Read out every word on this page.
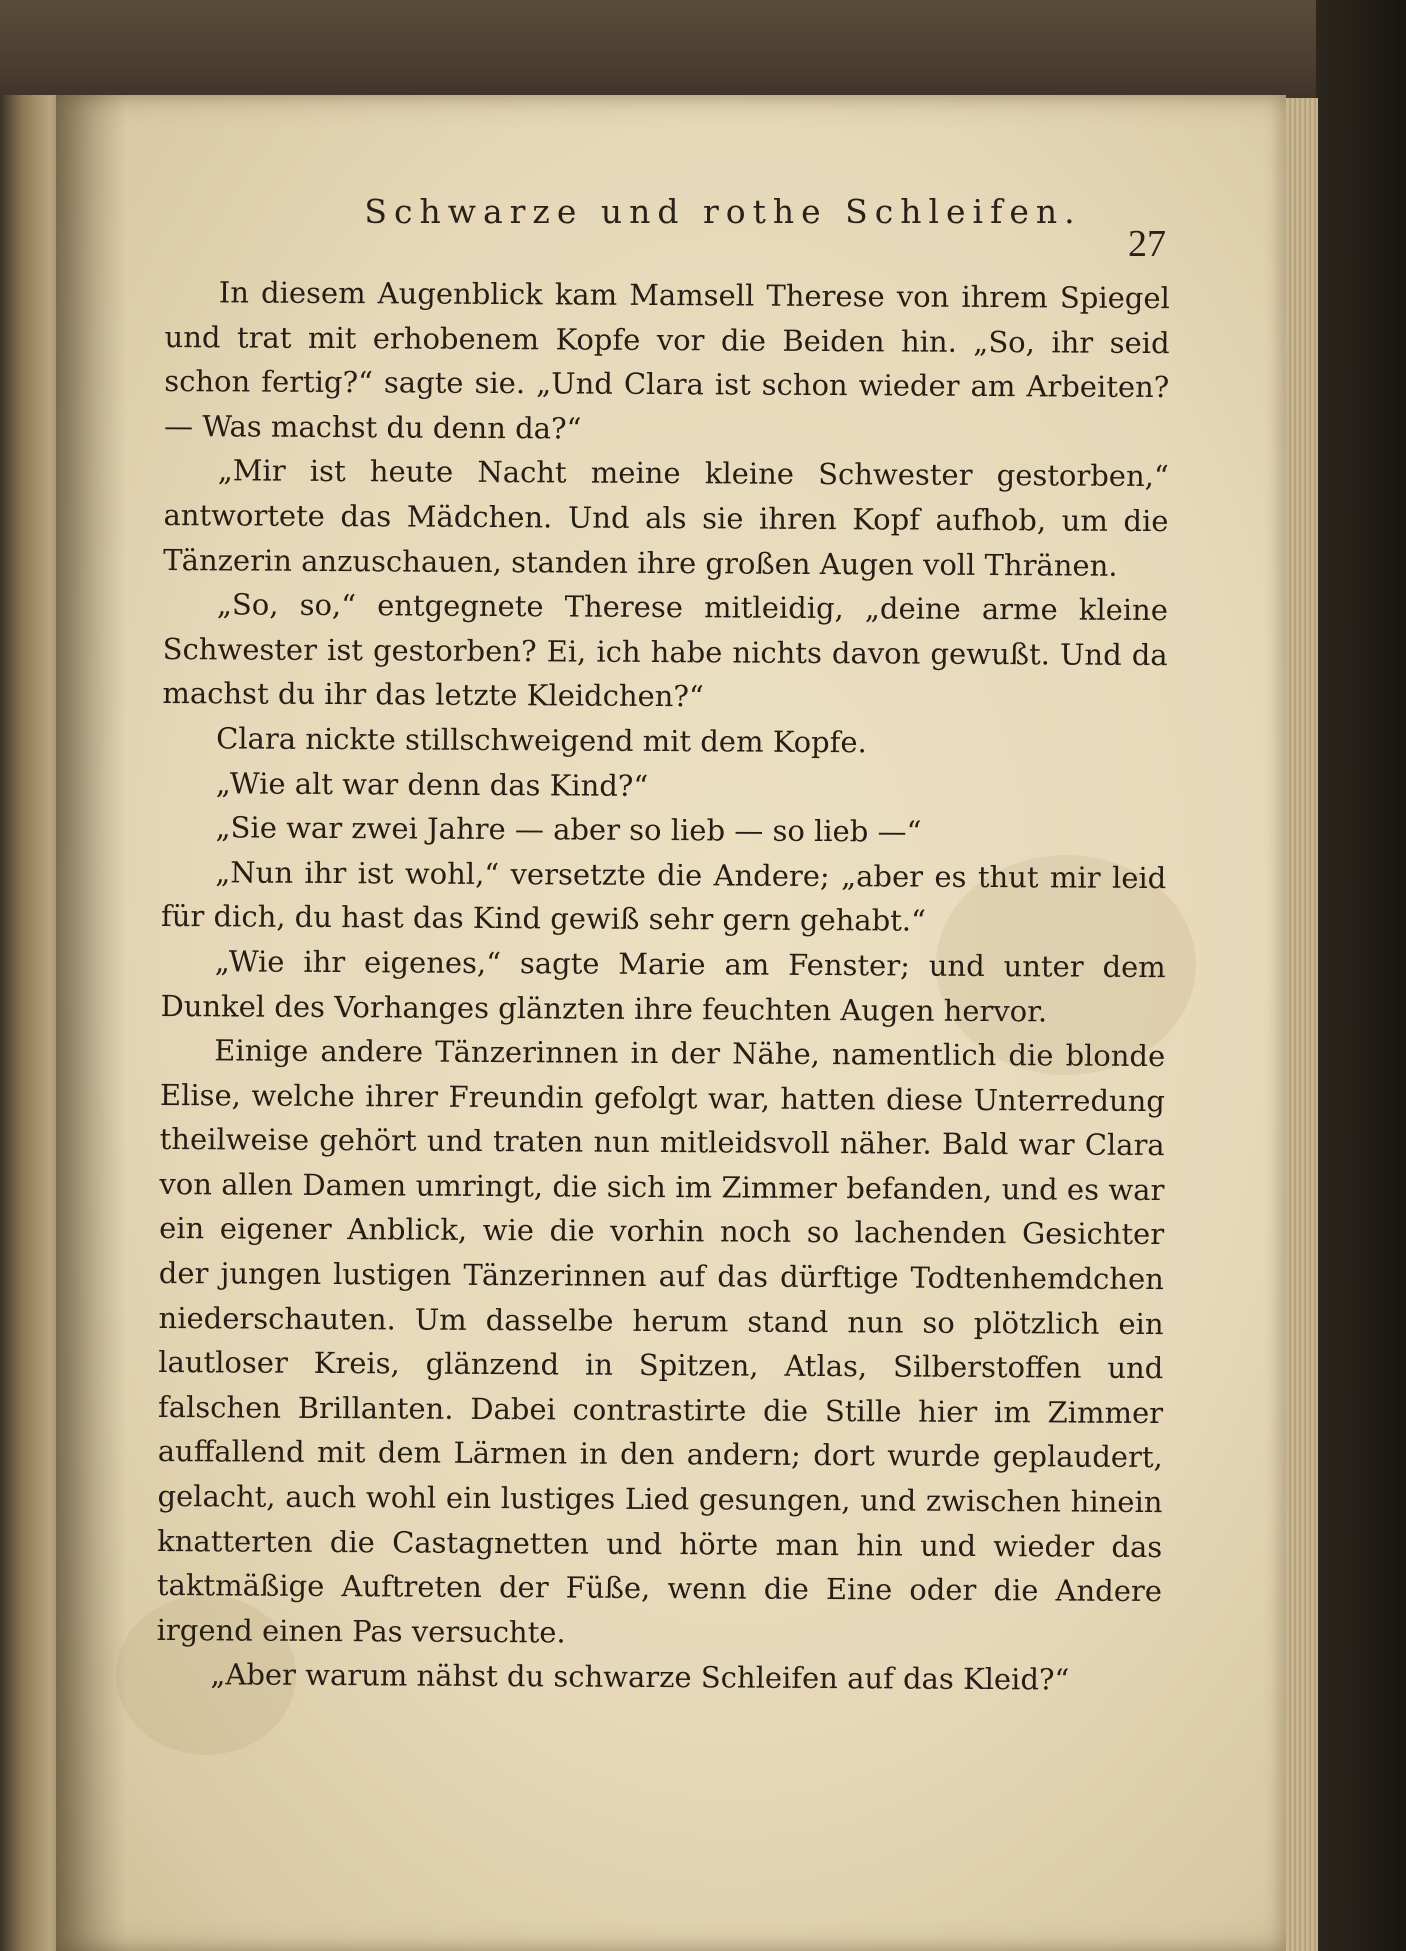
Schwarze und rothe Schleifen.
27

In diesem Augenblick kam Mamsell Therese von ihrem Spiegel und trat mit erhobenem Kopfe vor die Beiden hin. „So, ihr seid schon fertig?“ sagte sie. „Und Clara ist schon wieder am Arbeiten? — Was machst du denn da?“

„Mir ist heute Nacht meine kleine Schwester gestorben,“ antwortete das Mädchen. Und als sie ihren Kopf aufhob, um die Tänzerin anzuschauen, standen ihre großen Augen voll Thränen.

„So, so,“ entgegnete Therese mitleidig, „deine arme kleine Schwester ist gestorben? Ei, ich habe nichts davon gewußt. Und da machst du ihr das letzte Kleidchen?“

Clara nickte stillschweigend mit dem Kopfe.

„Wie alt war denn das Kind?“

„Sie war zwei Jahre — aber so lieb — so lieb —“

„Nun ihr ist wohl,“ versetzte die Andere; „aber es thut mir leid für dich, du hast das Kind gewiß sehr gern gehabt.“

„Wie ihr eigenes,“ sagte Marie am Fenster; und unter dem Dunkel des Vorhanges glänzten ihre feuchten Augen hervor.

Einige andere Tänzerinnen in der Nähe, namentlich die blonde Elise, welche ihrer Freundin gefolgt war, hatten diese Unterredung theilweise gehört und traten nun mitleidsvoll näher. Bald war Clara von allen Damen umringt, die sich im Zimmer befanden, und es war ein eigener Anblick, wie die vorhin noch so lachenden Gesichter der jungen lustigen Tänzerinnen auf das dürftige Todtenhemdchen niederschauten. Um dasselbe herum stand nun so plötzlich ein lautloser Kreis, glänzend in Spitzen, Atlas, Silberstoffen und falschen Brillanten. Dabei contrastirte die Stille hier im Zimmer auffallend mit dem Lärmen in den andern; dort wurde geplaudert, gelacht, auch wohl ein lustiges Lied gesungen, und zwischen hinein knatterten die Castagnetten und hörte man hin und wieder das taktmäßige Auftreten der Füße, wenn die Eine oder die Andere irgend einen Pas versuchte.

„Aber warum nähst du schwarze Schleifen auf das Kleid?“
